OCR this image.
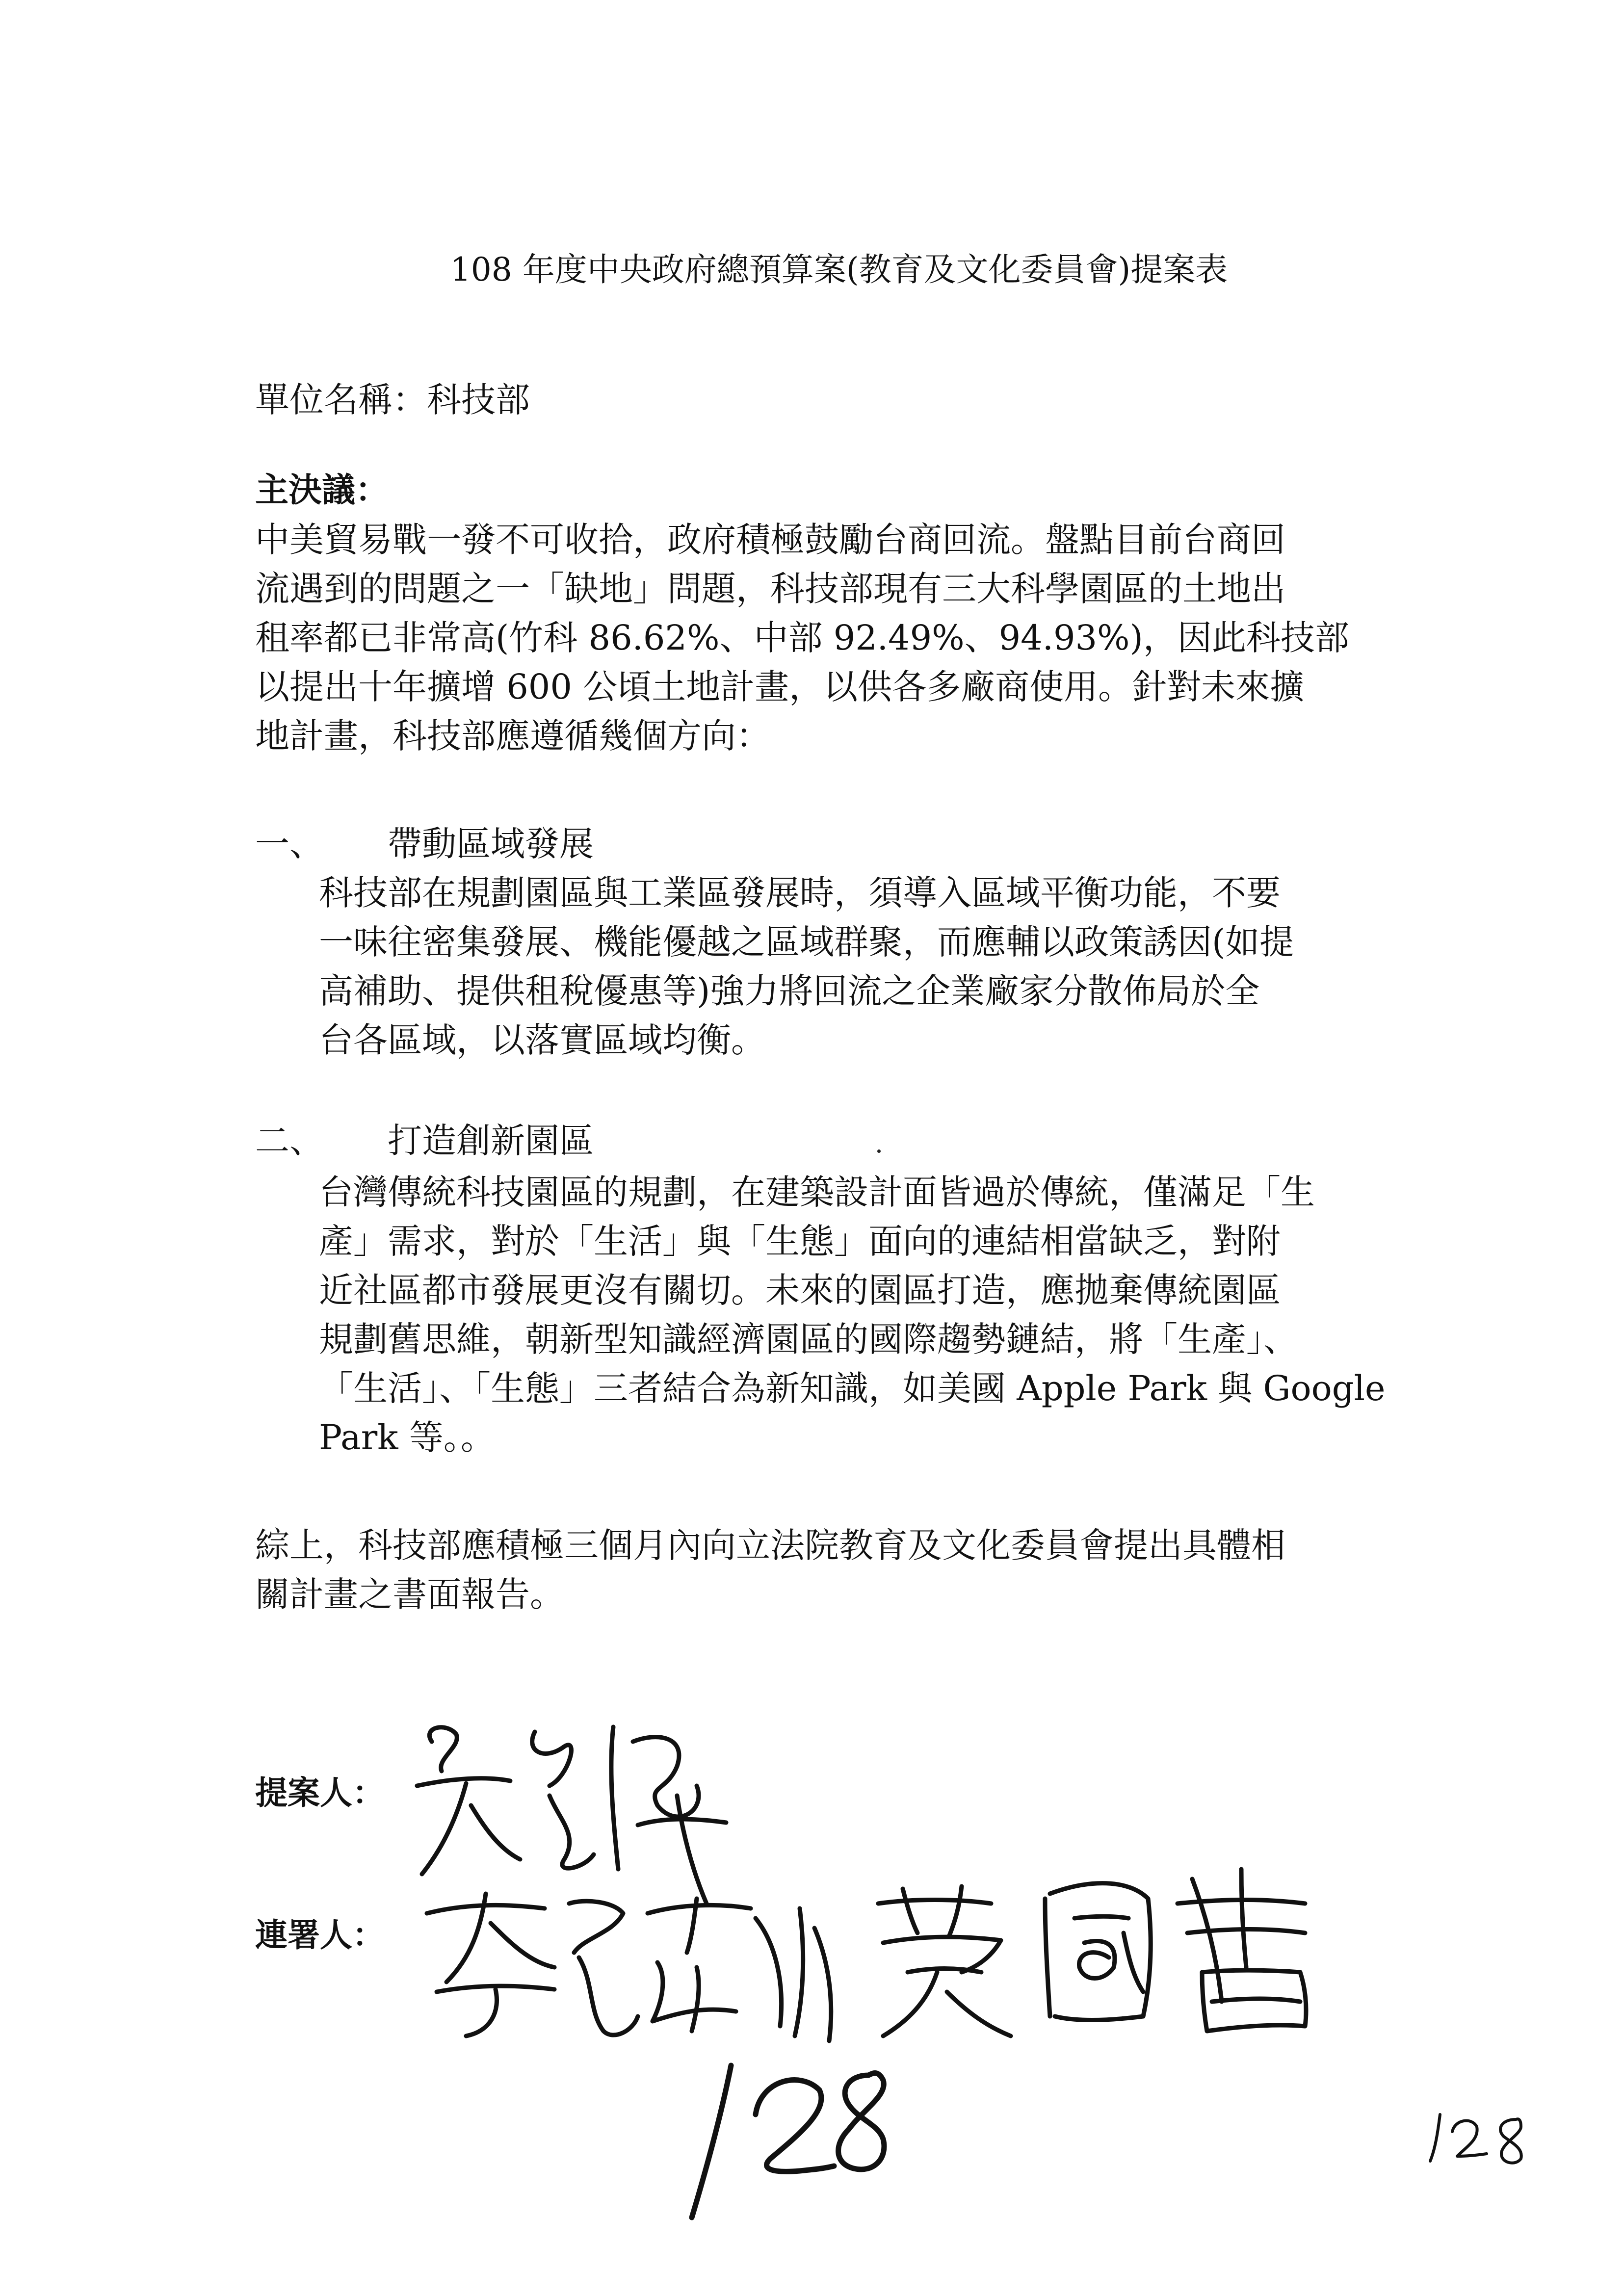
108 年度中央政府總預算案(教育及文化委員會)提案表
單位名稱：科技部
主決議：
中美貿易戰一發不可收拾，政府積極鼓勵台商回流。盤點目前台商回
流遇到的問題之一「缺地」問題，科技部現有三大科學園區的土地出
租率都已非常高(竹科 86.62%、中部 92.49%、94.93%)，因此科技部
以提出十年擴增 600 公頃土地計畫，以供各多廠商使用。針對未來擴
地計畫，科技部應遵循幾個方向：
一、 帶動區域發展
科技部在規劃園區與工業區發展時，須導入區域平衡功能，不要
一味往密集發展、機能優越之區域群聚，而應輔以政策誘因(如提
高補助、提供租稅優惠等)強力將回流之企業廠家分散佈局於全
台各區域，以落實區域均衡。
二、 打造創新園區
台灣傳統科技園區的規劃，在建築設計面皆過於傳統，僅滿足「生
產」需求，對於「生活」與「生態」面向的連結相當缺乏，對附
近社區都市發展更沒有關切。未來的園區打造，應拋棄傳統園區
規劃舊思維，朝新型知識經濟園區的國際趨勢鏈結，將「生產」、
「生活」、「生態」三者結合為新知識，如美國 Apple Park 與 Google
Park 等。。
綜上，科技部應積極三個月內向立法院教育及文化委員會提出具體相
關計畫之書面報告。
提案人：
連署人：
